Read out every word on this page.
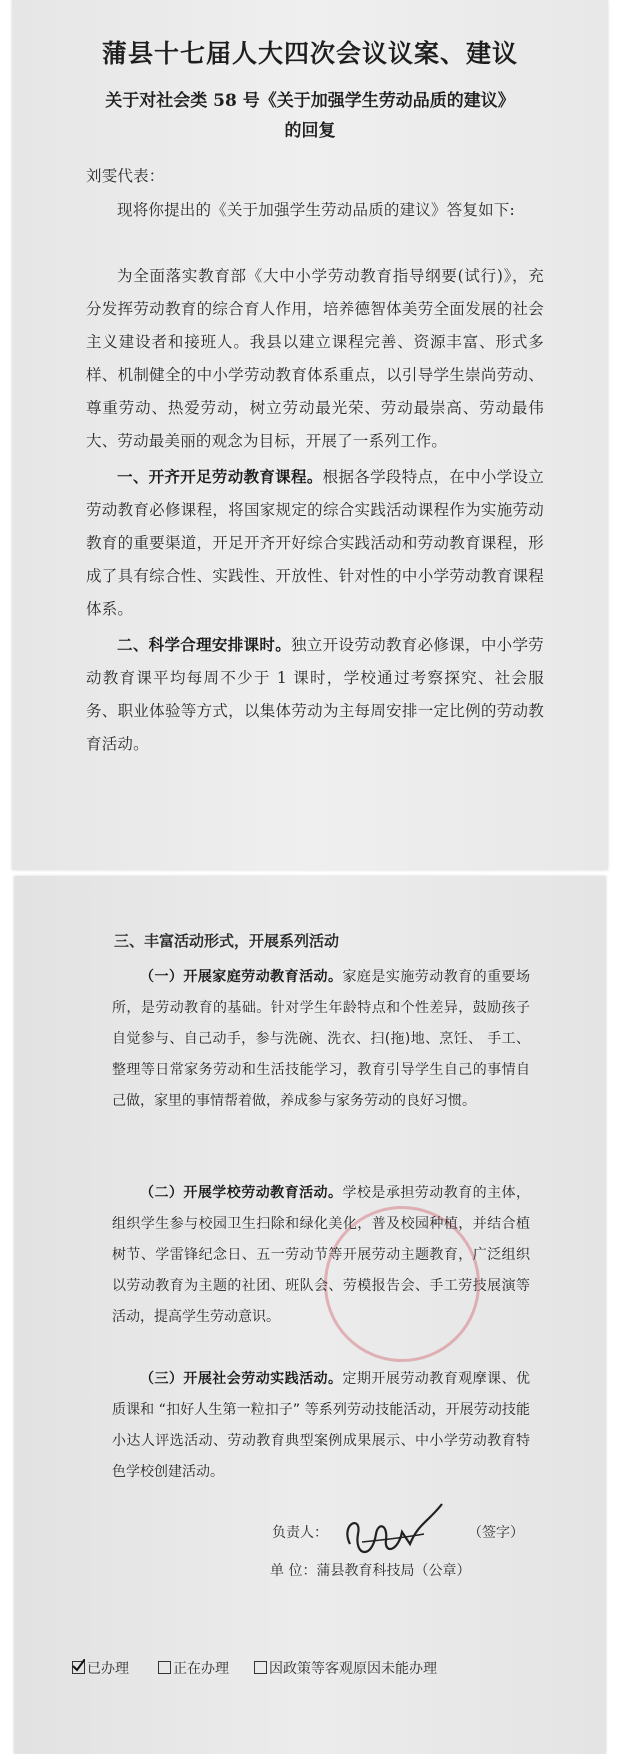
蒲县十七届人大四次会议议案、建议
关于对社会类 58 号《关于加强学生劳动品质的建议》
的回复

刘雯代表：

现将你提出的《关于加强学生劳动品质的建议》答复如下:

为全面落实教育部《大中小学劳动教育指导纲要(试行)》，充分发挥劳动教育的综合育人作用，培养德智体美劳全面发展的社会主义建设者和接班人。我县以建立课程完善、资源丰富、形式多样、机制健全的中小学劳动教育体系重点，以引导学生崇尚劳动、尊重劳动、热爱劳动，树立劳动最光荣、劳动最崇高、劳动最伟大、劳动最美丽的观念为目标，开展了一系列工作。

一、开齐开足劳动教育课程。根据各学段特点，在中小学设立劳动教育必修课程，将国家规定的综合实践活动课程作为实施劳动教育的重要渠道，开足开齐开好综合实践活动和劳动教育课程，形成了具有综合性、实践性、开放性、针对性的中小学劳动教育课程体系。

二、科学合理安排课时。独立开设劳动教育必修课，中小学劳动教育课平均每周不少于 1 课时，学校通过考察探究、社会服务、职业体验等方式，以集体劳动为主每周安排一定比例的劳动教育活动。

三、丰富活动形式，开展系列活动

（一）开展家庭劳动教育活动。家庭是实施劳动教育的重要场所，是劳动教育的基础。针对学生年龄特点和个性差异，鼓励孩子自觉参与、自己动手，参与洗碗、洗衣、扫(拖)地、烹饪、 手工、整理等日常家务劳动和生活技能学习，教育引导学生自己的事情自己做，家里的事情帮着做，养成参与家务劳动的良好习惯。

（二）开展学校劳动教育活动。学校是承担劳动教育的主体，组织学生参与校园卫生扫除和绿化美化，普及校园种植，并结合植树节、学雷锋纪念日、五一劳动节等开展劳动主题教育，广泛组织以劳动教育为主题的社团、班队会、劳模报告会、手工劳技展演等活动，提高学生劳动意识。

（三）开展社会劳动实践活动。定期开展劳动教育观摩课、优质课和 “扣好人生第一粒扣子” 等系列劳动技能活动，开展劳动技能小达人评选活动、劳动教育典型案例成果展示、中小学劳动教育特色学校创建活动。

负责人：	（签字）
单 位：蒲县教育科技局（公章）
已办理	正在办理	因政策等客观原因未能办理
